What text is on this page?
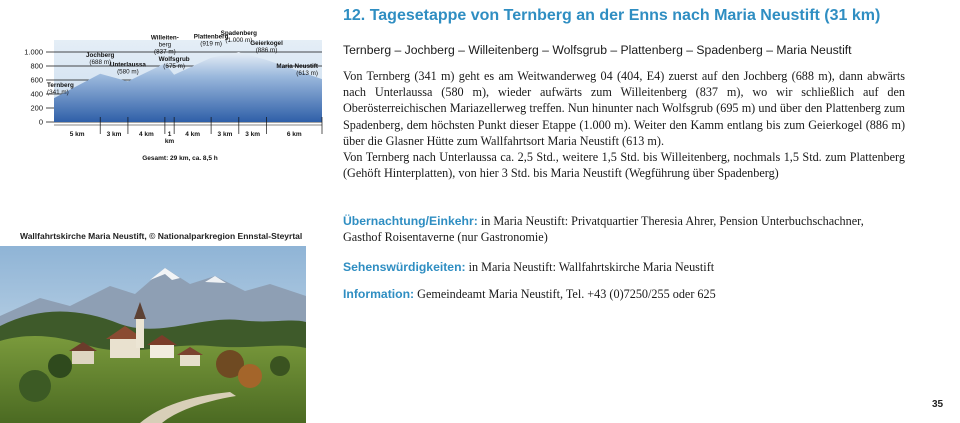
1.000
800
600
400
200
0
Ternberg
(341 m)
Jochberg
(688 m)
Unterlaussa
(580 m)
Willeiten-
berg
(837 m)
Wolfsgrub
(675 m)
Plattenberg
(919 m)
Spadenberg
(1.000 m)
Geierkogel
(886 m)
Maria Neustift
(613 m)
5 km	3 km	4 km 1
km
4 km	3 km 3 km	6 km
Gesamt: 29 km, ca. 8,5 h
Wallfahrtskirche Maria Neustift, © Nationalparkregion Ennstal-Steyrtal
12. Tagesetappe von Ternberg an der Enns nach Maria Neustift (31 km)
Ternberg – Jochberg – Willeitenberg – Wolfsgrub – Plattenberg – Spadenberg – Maria Neustift

Von Ternberg (341 m) geht es am Weitwanderweg 04 (404, E4) zuerst auf den Jochberg (688 m), dann abwärts nach Unterlaussa (580 m), wieder aufwärts zum Willeitenberg (837 m), wo wir schließlich auf den Oberösterreichischen Mariazellerweg treffen. Nun hinunter nach Wolfsgrub (695 m) und über den Plattenberg zum Spadenberg, dem höchsten Punkt dieser Etappe (1.000 m). Weiter den Kamm entlang bis zum Geierkogel (886 m) über die Glasner Hütte zum Wallfahrtsort Maria Neustift (613 m).

Von Ternberg nach Unterlaussa ca. 2,5 Std., weitere 1,5 Std. bis Willeitenberg, nochmals 1,5 Std. zum Plattenberg (Gehöft Hinterplatten), von hier 3 Std. bis Maria Neustift (Wegführung über Spadenberg)

Übernachtung/Einkehr: in Maria Neustift: Privatquartier Theresia Ahrer, Pension Unterbuchschachner, Gasthof Roisentaverne (nur Gastronomie)

Sehenswürdigkeiten: in Maria Neustift: Wallfahrtskirche Maria Neustift

Information: Gemeindeamt Maria Neustift, Tel. +43 (0)7250/255 oder 625

35
